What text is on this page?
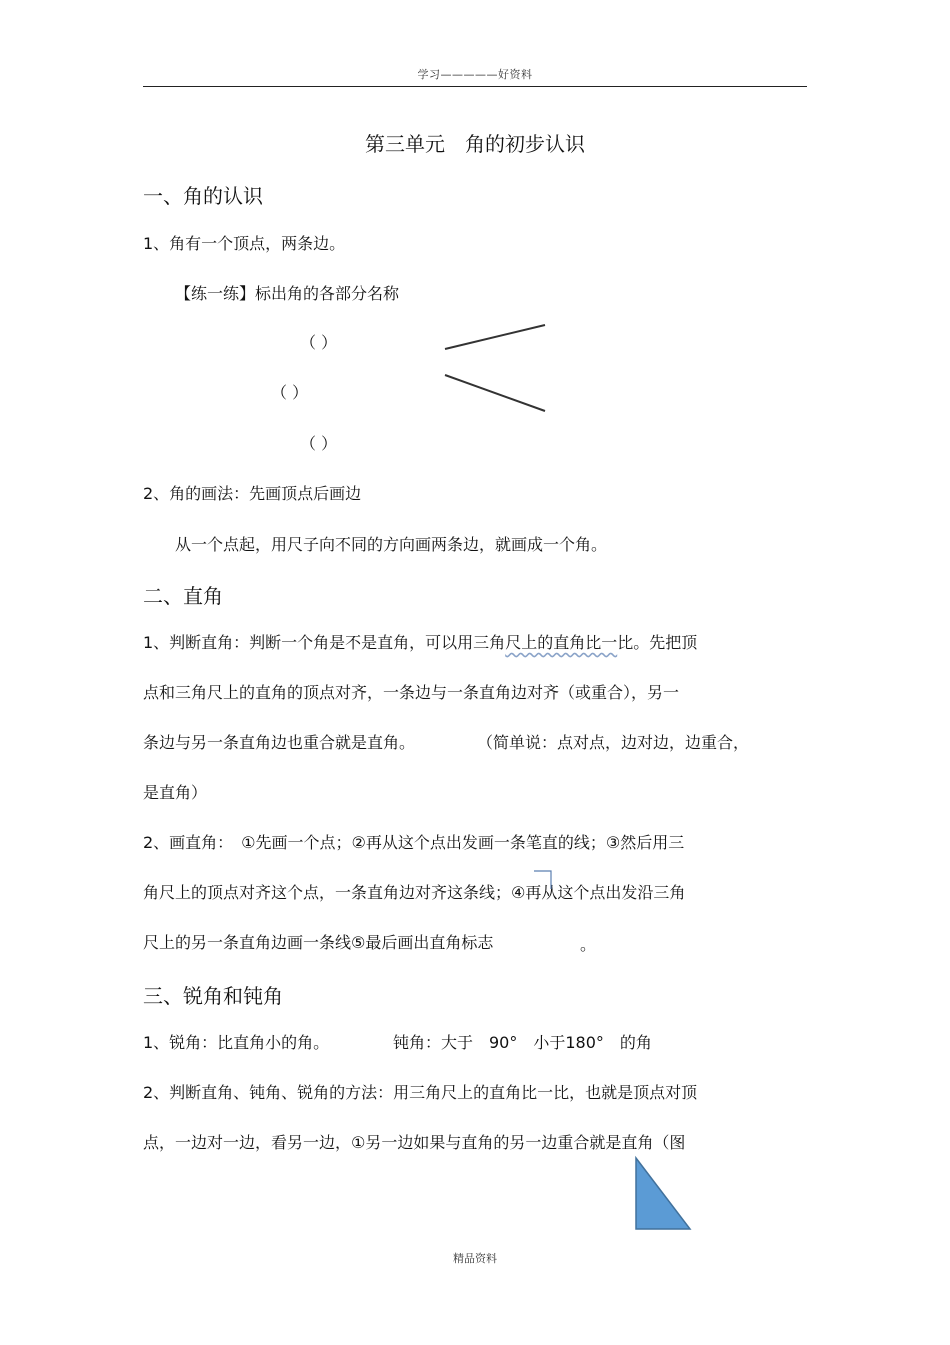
学习—————好资料
第三单元　角的初步认识
一、角的认识
1、角有一个顶点，两条边。
【练一练】标出角的各部分名称
（ ）
（ ）
（ ）
2、角的画法：先画顶点后画边
从一个点起，用尺子向不同的方向画两条边，就画成一个角。
二、直角
1、判断直角：判断一个角是不是直角，可以用三角尺上的直角比一比。先把顶
点和三角尺上的直角的顶点对齐，一条边与一条直角边对齐（或重合），另一
条边与另一条直角边也重合就是直角。	（简单说：点对点，边对边，边重合，
是直角）
2、画直角：　①先画一个点；②再从这个点出发画一条笔直的线；③然后用三
角尺上的顶点对齐这个点，一条直角边对齐这条线；④再从这个点出发沿三角
尺上的另一条直角边画一条线⑤最后画出直角标志	。
三、锐角和钝角
1、锐角：比直角小的角。	钝角：大于　90°　小于180°　的角
2、判断直角、钝角、锐角的方法：用三角尺上的直角比一比，也就是顶点对顶
点，一边对一边，看另一边，①另一边如果与直角的另一边重合就是直角（图
精品资料
